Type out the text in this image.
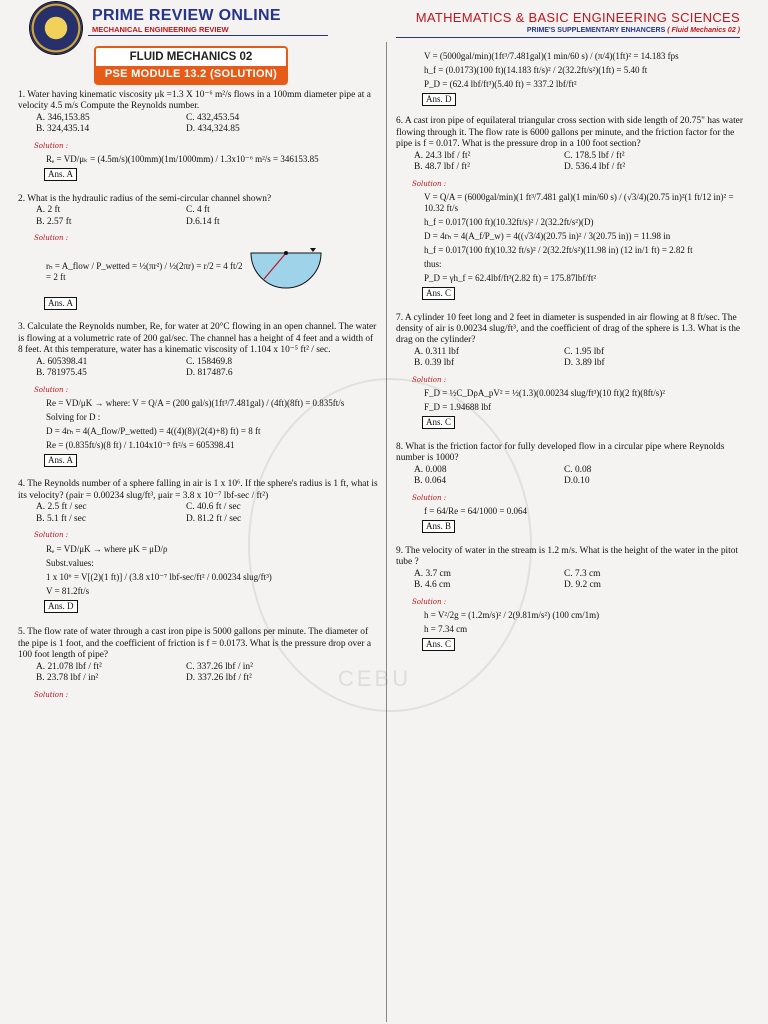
PRIME REVIEW ONLINE
MECHANICAL ENGINEERING REVIEW
MATHEMATICS & BASIC ENGINEERING SCIENCES
PRIME'S SUPPLEMENTARY ENHANCERS ( Fluid Mechanics 02 )
FLUID MECHANICS 02
PSE MODULE 13.2 (SOLUTION)

1. Water having kinematic viscosity μk =1.3 X 10⁻⁶ m²/s flows in a 100mm diameter pipe at a velocity 4.5 m/s Compute the Reynolds number.

A. 346,153.85	C. 432,453.54
B. 324,435.14	D. 434,324.85
Solution :
Rₑ = VD/μₖ = (4.5m/s)(100mm)(1m/1000mm) / 1.3x10⁻⁶ m²/s = 346153.85
Ans. A

2. What is the hydraulic radius of the semi-circular channel shown?

A. 2 ft	C. 4 ft
B. 2.57 ft	D.6.14 ft
Solution :
rₕ = A_flow / P_wetted = ½(πr²) / ½(2πr) = r/2 = 4 ft/2 = 2 ft
Ans. A

3. Calculate the Reynolds number, Re, for water at 20°C flowing in an open channel. The water is flowing at a volumetric rate of 200 gal/sec. The channel has a height of 4 feet and a width of 8 feet. At this temperature, water has a kinematic viscosity of 1.104 x 10⁻⁵ ft² / sec.

A. 605398.41	C. 158469.8
B. 781975.45	D. 817487.6
Solution :
Re = VD/μK → where: V = Q/A = (200 gal/s)(1ft³/7.481gal) / (4ft)(8ft) = 0.835ft/s
Solving for D :
D = 4rₕ = 4(A_flow/P_wetted) = 4((4)(8)/(2(4)+8) ft) = 8 ft
Re = (0.835ft/s)(8 ft) / 1.104x10⁻⁵ ft²/s = 605398.41
Ans. A

4. The Reynolds number of a sphere falling in air is 1 x 10⁶. If the sphere's radius is 1 ft, what is its velocity? (ρair = 0.00234 slug/ft³, μair = 3.8 x 10⁻⁷ lbf-sec / ft²)

A. 2.5 ft / sec	C. 40.6 ft / sec
B. 5.1 ft / sec	D. 81.2 ft / sec
Solution :
Rₑ = VD/μK → where μK = μD/ρ
Subst.values:
1 x 10⁶ = V[(2)(1 ft)] / (3.8 x10⁻⁷ lbf-sec/ft² / 0.00234 slug/ft³)
V = 81.2ft/s
Ans. D

5. The flow rate of water through a cast iron pipe is 5000 gallons per minute. The diameter of the pipe is 1 foot, and the coefficient of friction is f = 0.0173. What is the pressure drop over a 100 foot length of pipe?

A. 21.078 lbf / ft²	C. 337.26 lbf / in²
B. 23.78 lbf / in²	D. 337.26 lbf / ft²
Solution :
V = (5000gal/min)(1ft³/7.481gal)(1 min/60 s) / (π/4)(1ft)² = 14.183 fps
h_f = (0.0173)(100 ft)(14.183 ft/s)² / 2(32.2ft/s²)(1ft) = 5.40 ft
P_D = (62.4 lbf/ft³)(5.40 ft) = 337.2 lbf/ft²
Ans. D

6. A cast iron pipe of equilateral triangular cross section with side length of 20.75" has water flowing through it. The flow rate is 6000 gallons per minute, and the friction factor for the pipe is f = 0.017. What is the pressure drop in a 100 foot section?

A. 24.3 lbf / ft²	C. 178.5 lbf / ft²
B. 48.7 lbf / ft²	D. 536.4 lbf / ft²
Solution :
V = Q/A = (6000gal/min)(1 ft³/7.481 gal)(1 min/60 s) / (√3/4)(20.75 in)²(1 ft/12 in)² = 10.32 ft/s
h_f = 0.017(100 ft)(10.32ft/s)² / 2(32.2ft/s²)(D)
D = 4rₕ = 4(A_f/P_w) = 4((√3/4)(20.75 in)² / 3(20.75 in)) = 11.98 in
h_f = 0.017(100 ft)(10.32 ft/s)² / 2(32.2ft/s²)(11.98 in) (12 in/1 ft) = 2.82 ft
thus:
P_D = γh_f = 62.4lbf/ft³(2.82 ft) = 175.87lbf/ft²
Ans. C

7. A cylinder 10 feet long and 2 feet in diameter is suspended in air flowing at 8 ft/sec. The density of air is 0.00234 slug/ft³, and the coefficient of drag of the sphere is 1.3. What is the drag on the cylinder?

A. 0.311 lbf	C. 1.95 lbf
B. 0.39 lbf	D. 3.89 lbf
Solution :
F_D = ½C_DρA_pV² = ½(1.3)(0.00234 slug/ft³)(10 ft)(2 ft)(8ft/s)²
F_D = 1.94688 lbf
Ans. C

8. What is the friction factor for fully developed flow in a circular pipe where Reynolds number is 1000?

A. 0.008	C. 0.08
B. 0.064	D.0.10
Solution :
f = 64/Re = 64/1000 = 0.064
Ans. B

9. The velocity of water in the stream is 1.2 m/s. What is the height of the water in the pitot tube ?

A. 3.7 cm	C. 7.3 cm
B. 4.6 cm	D. 9.2 cm
Solution :
h = V²/2g = (1.2m/s)² / 2(9.81m/s²) (100 cm/1m)
h = 7.34 cm
Ans. C
CEBU
